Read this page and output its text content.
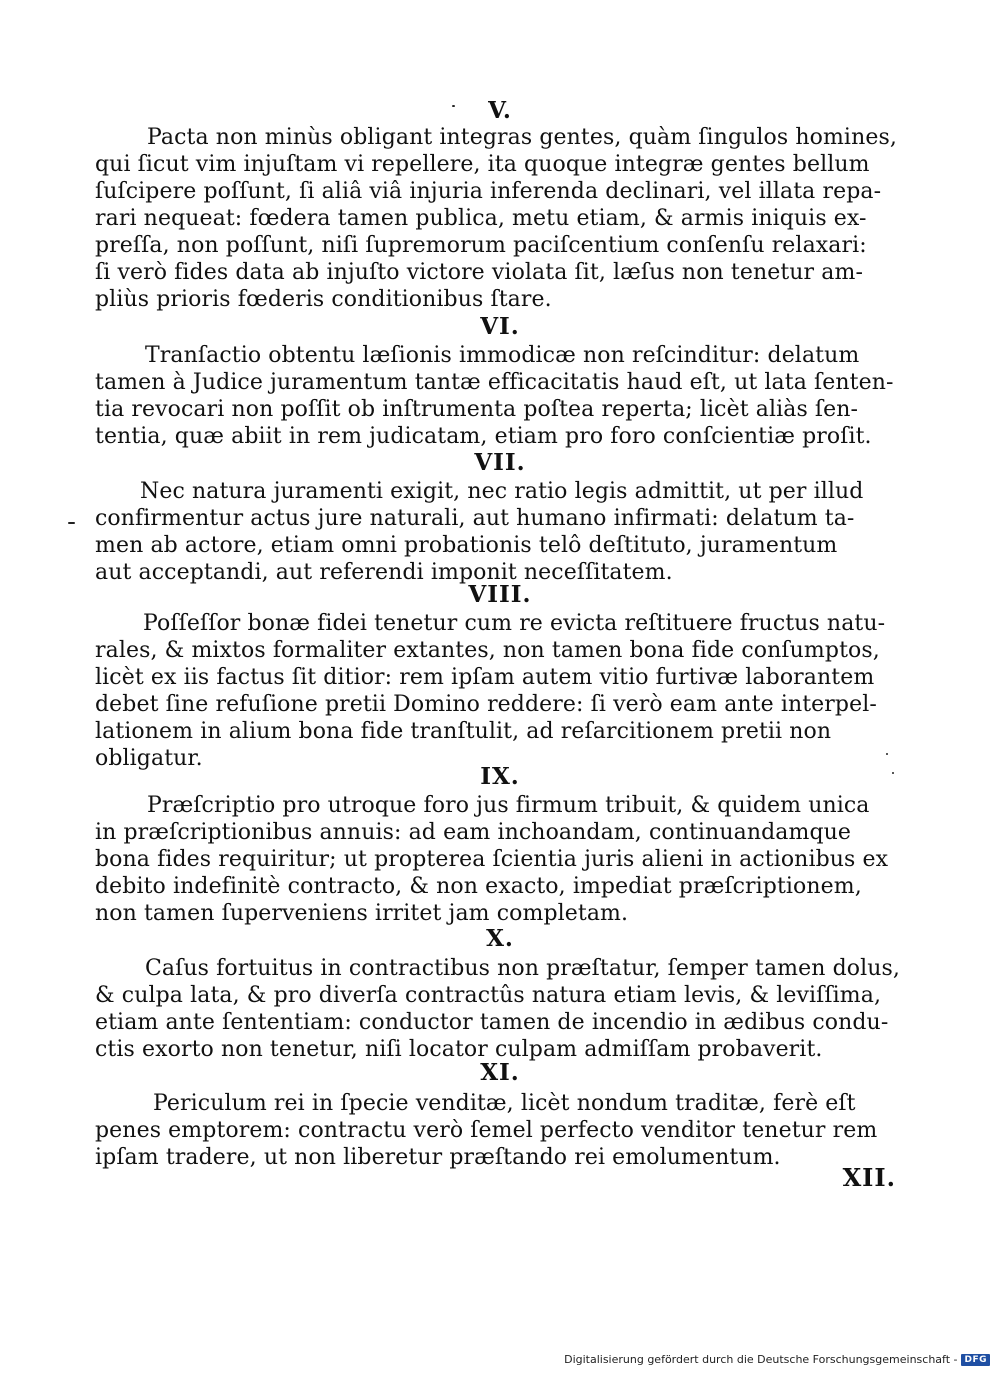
V.
Pacta non minùs obligant integras gentes, quàm ſingulos homines,
qui ſicut vim injuſtam vi repellere, ita quoque integræ gentes bellum
ſuſcipere poſſunt, ſi aliâ viâ injuria inferenda declinari, vel illata repa-
rari nequeat: fœdera tamen publica, metu etiam, & armis iniquis ex-
preſſa, non poſſunt, niſi ſupremorum paciſcentium conſenſu relaxari:
ſi verò fides data ab injuſto victore violata ſit, læſus non tenetur am-
pliùs prioris fœderis conditionibus ſtare.
VI.
Tranſactio obtentu læſionis immodicæ non reſcinditur: delatum
tamen à Judice juramentum tantæ efficacitatis haud eſt, ut lata ſenten-
tia revocari non poſſit ob inſtrumenta poſtea reperta; licèt aliàs ſen-
tentia, quæ abiit in rem judicatam, etiam pro foro conſcientiæ proſit.
VII.
Nec natura juramenti exigit, nec ratio legis admittit, ut per illud
confirmentur actus jure naturali, aut humano infirmati: delatum ta-
men ab actore, etiam omni probationis telô deſtituto, juramentum
aut acceptandi, aut referendi imponit neceſſitatem.
VIII.
Poſſeſſor bonæ fidei tenetur cum re evicta reſtituere fructus natu-
rales, & mixtos formaliter extantes, non tamen bona fide conſumptos,
licèt ex iis factus ſit ditior: rem ipſam autem vitio furtivæ laborantem
debet ſine refuſione pretii Domino reddere: ſi verò eam ante interpel-
lationem in alium bona fide tranſtulit, ad reſarcitionem pretii non
obligatur.
IX.
Præſcriptio pro utroque foro jus firmum tribuit, & quidem unica
in præſcriptionibus annuis: ad eam inchoandam, continuandamque
bona fides requiritur; ut propterea ſcientia juris alieni in actionibus ex
debito indefinitè contracto, & non exacto, impediat præſcriptionem,
non tamen ſuperveniens irritet jam completam.
X.
Caſus fortuitus in contractibus non præſtatur, ſemper tamen dolus,
& culpa lata, & pro diverſa contractûs natura etiam levis, & leviſſima,
etiam ante ſententiam: conductor tamen de incendio in ædibus condu-
ctis exorto non tenetur, niſi locator culpam admiſſam probaverit.
XI.
Periculum rei in ſpecie venditæ, licèt nondum traditæ, ferè eſt
penes emptorem: contractu verò ſemel perfecto venditor tenetur rem
ipſam tradere, ut non liberetur præſtando rei emolumentum.
XII.
Digitalisierung gefördert durch die Deutsche Forschungsgemeinschaft - DFG
